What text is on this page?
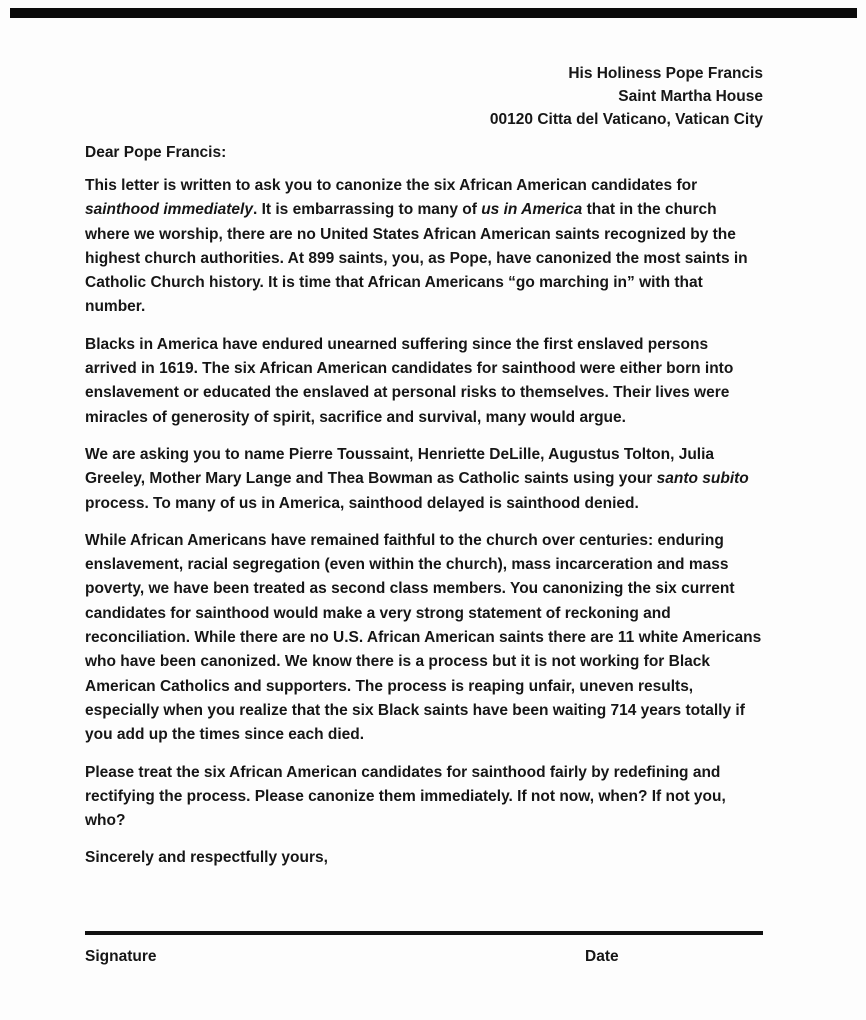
His Holiness Pope Francis
Saint Martha House
00120 Citta del Vaticano, Vatican City
Dear Pope Francis:

This letter is written to ask you to canonize the six African American candidates for sainthood immediately. It is embarrassing to many of us in America that in the church where we worship, there are no United States African American saints recognized by the highest church authorities. At 899 saints, you, as Pope, have canonized the most saints in Catholic Church history. It is time that African Americans “go marching in” with that number.

Blacks in America have endured unearned suffering since the first enslaved persons arrived in 1619. The six African American candidates for sainthood were either born into enslavement or educated the enslaved at personal risks to themselves. Their lives were miracles of generosity of spirit, sacrifice and survival, many would argue.

We are asking you to name Pierre Toussaint, Henriette DeLille, Augustus Tolton, Julia Greeley, Mother Mary Lange and Thea Bowman as Catholic saints using your santo subito process. To many of us in America, sainthood delayed is sainthood denied.

While African Americans have remained faithful to the church over centuries: enduring enslavement, racial segregation (even within the church), mass incarceration and mass poverty, we have been treated as second class members. You canonizing the six current candidates for sainthood would make a very strong statement of reckoning and reconciliation. While there are no U.S. African American saints there are 11 white Americans who have been canonized. We know there is a process but it is not working for Black American Catholics and supporters. The process is reaping unfair, uneven results, especially when you realize that the six Black saints have been waiting 714 years totally if you add up the times since each died.

Please treat the six African American candidates for sainthood fairly by redefining and rectifying the process. Please canonize them immediately. If not now, when? If not you, who?

Sincerely and respectfully yours,
Signature	Date
